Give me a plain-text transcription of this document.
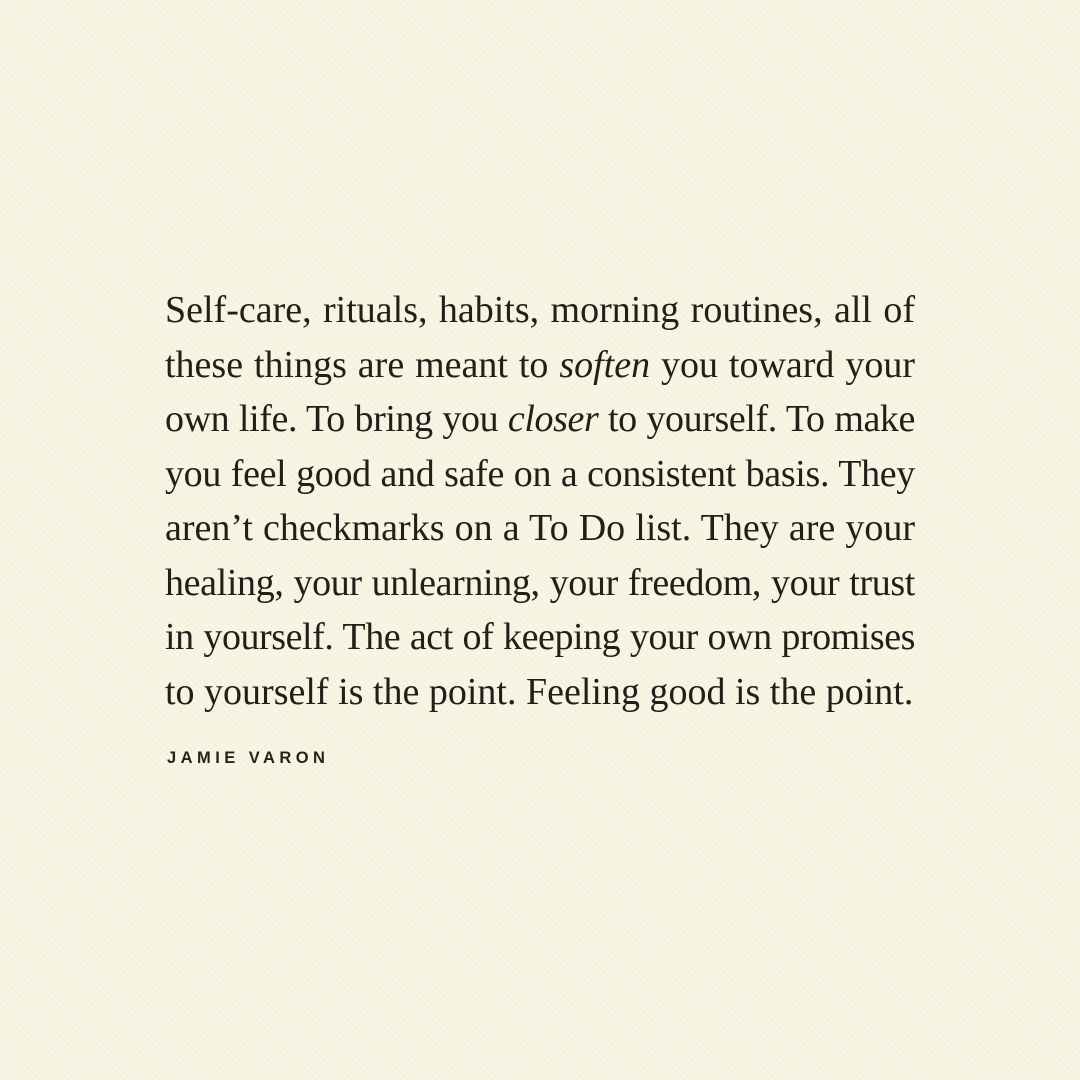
Self-care, rituals, habits, morning routines, all of
these things are meant to soften you toward your
own life. To bring you closer to yourself. To make
you feel good and safe on a consistent basis. They
aren’t checkmarks on a To Do list. They are your
healing, your unlearning, your freedom, your trust
in yourself. The act of keeping your own promises
to yourself is the point. Feeling good is the point.
JAMIE VARON
